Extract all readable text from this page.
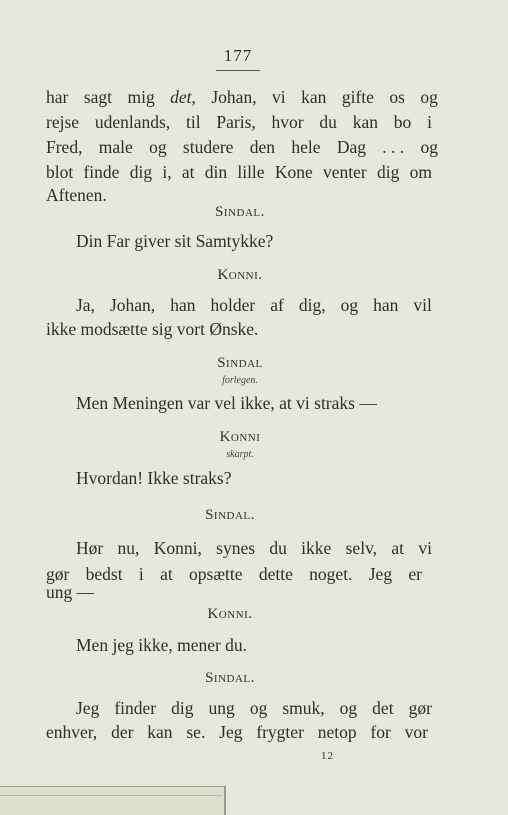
177
har sagt mig det, Johan, vi kan gifte os og
rejse udenlands, til Paris, hvor du kan bo i
Fred, male og studere den hele Dag . . . og
blot finde dig i, at din lille Kone venter dig om
Aftenen.
Sindal.
Din Far giver sit Samtykke?
Konni.
Ja, Johan, han holder af dig, og han vil
ikke modsætte sig vort Ønske.
Sindal
forlegen.
Men Meningen var vel ikke, at vi straks —
Konni
skarpt.
Hvordan! Ikke straks?
Sindal.
Hør nu, Konni, synes du ikke selv, at vi
gør bedst i at opsætte dette noget. Jeg er
ung —
Konni.
Men jeg ikke, mener du.
Sindal.
Jeg finder dig ung og smuk, og det gør
enhver, der kan se. Jeg frygter netop for vor
12
